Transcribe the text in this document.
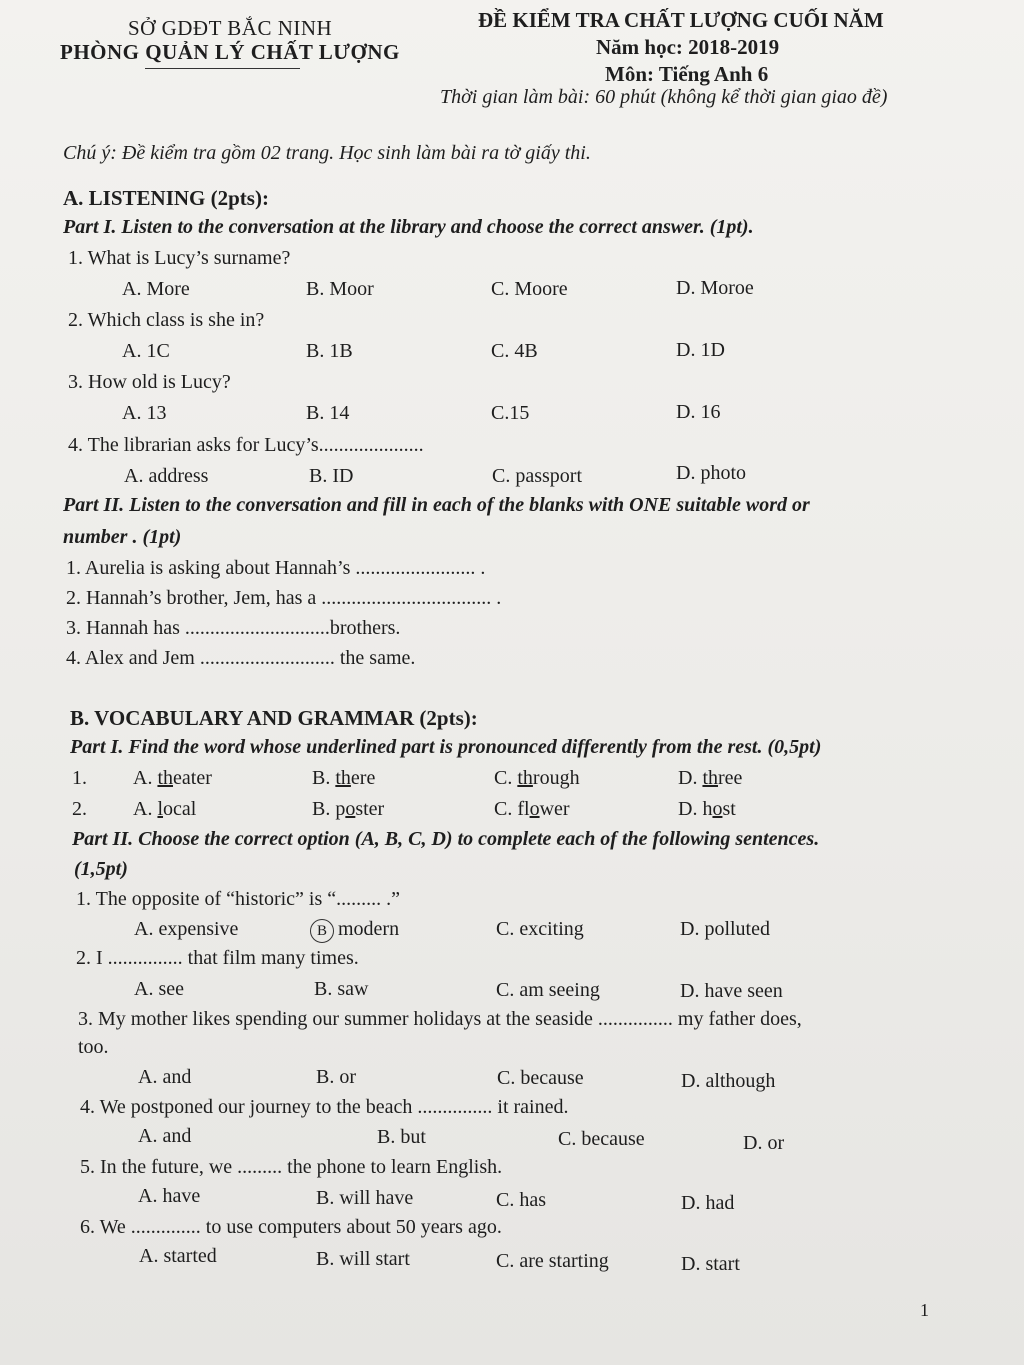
SỞ GDĐT BẮC NINH
PHÒNG QUẢN LÝ CHẤT LƯỢNG
ĐỀ KIỂM TRA CHẤT LƯỢNG CUỐI NĂM
Năm học: 2018-2019
Môn: Tiếng Anh 6
Thời gian làm bài: 60 phút (không kể thời gian giao đề)
Chú ý: Đề kiểm tra gồm 02 trang. Học sinh làm bài ra tờ giấy thi.
A. LISTENING (2pts):
Part I. Listen to the conversation at the library and choose the correct answer. (1pt).
1. What is Lucy’s surname?
A. More	B. Moor	C. Moore	D. Moroe
2. Which class is she in?
A. 1C	B. 1B	C. 4B	D. 1D
3. How old is Lucy?
A. 13	B. 14	C.15	D. 16
4. The librarian asks for Lucy’s.....................
A. address	B. ID	C. passport	D. photo
Part II. Listen to the conversation and fill in each of the blanks with ONE suitable word or
number . (1pt)
1. Aurelia is asking about Hannah’s ........................ .
2. Hannah’s brother, Jem, has a .................................. .
3. Hannah has .............................brothers.
4. Alex and Jem ........................... the same.
B. VOCABULARY AND GRAMMAR (2pts):
Part I. Find the word whose underlined part is pronounced differently from the rest. (0,5pt)
1. A. theater	B. there	C. through	D. three
2. A. local	B. poster	C. flower	D. host
Part II. Choose the correct option (A, B, C, D) to complete each of the following sentences.
(1,5pt)
1. The opposite of “historic” is “......... .”
A. expensive	B modern	C. exciting	D. polluted
2. I ............... that film many times.
A. see	B. saw	C. am seeing	D. have seen
3. My mother likes spending our summer holidays at the seaside ............... my father does,
too.
A. and	B. or	C. because	D. although
4. We postponed our journey to the beach ............... it rained.
A. and	B. but	C. because	D. or
5. In the future, we ......... the phone to learn English.
A. have	B. will have	C. has	D. had
6. We .............. to use computers about 50 years ago.
A. started	B. will start	C. are starting	D. start
1
